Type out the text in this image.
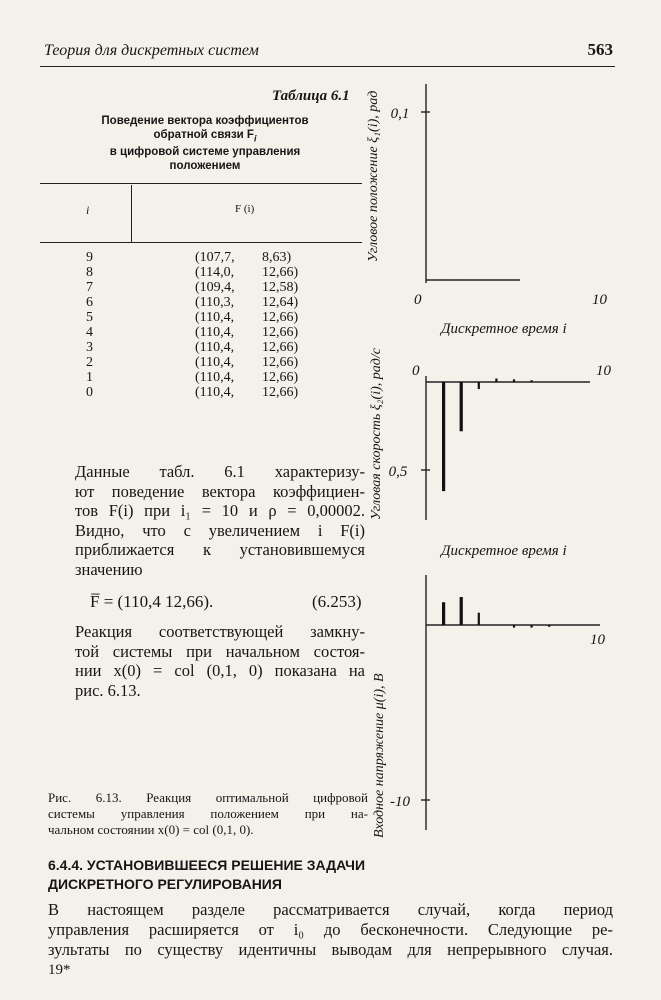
Теория для дискретных систем	563
Таблица 6.1
Поведение вектора коэффициентов
обратной связи $F_i$
в цифровой системе управления
положением
i	F (i)
9	(107,7, 8,63)
8	(114,0, 12,66)
7	(109,4, 12,58)
6	(110,3, 12,64)
5	(110,4, 12,66)
4	(110,4, 12,66)
3	(110,4, 12,66)
2	(110,4, 12,66)
1	(110,4, 12,66)
0	(110,4, 12,66)
Данные табл. 6.1 характеризу-
ют поведение вектора коэффициен-
тов F(i) при i₁ = 10 и ρ = 0,00002.
Видно, что с увеличением i F(i)
приближается к установившемуся
значению
F̅ = (110,4 12,66).	(6.253)
Реакция соответствующей замкну-
той системы при начальном состоя-
нии x(0) = col (0,1, 0) показана на
рис. 6.13.
Рис. 6.13. Реакция оптимальной цифровой
системы управления положением при на-
чальном состоянии x(0) = col (0,1, 0).
6.4.4. УСТАНОВИВШЕЕСЯ РЕШЕНИЕ ЗАДАЧИ
ДИСКРЕТНОГО РЕГУЛИРОВАНИЯ
В настоящем разделе рассматривается случай, когда период
управления расширяется от i₀ до бесконечности. Следующие ре-
зультаты по существу идентичны выводам для непрерывного случая.
19*
0,1
0	10
Дискретное время i
Угловое положение ξ₁(i), рад
0,5
0	10
Дискретное время i
Угловая скорость ξ₂(i), рад/с
-10
10
Входное напряжение μ(i), В
